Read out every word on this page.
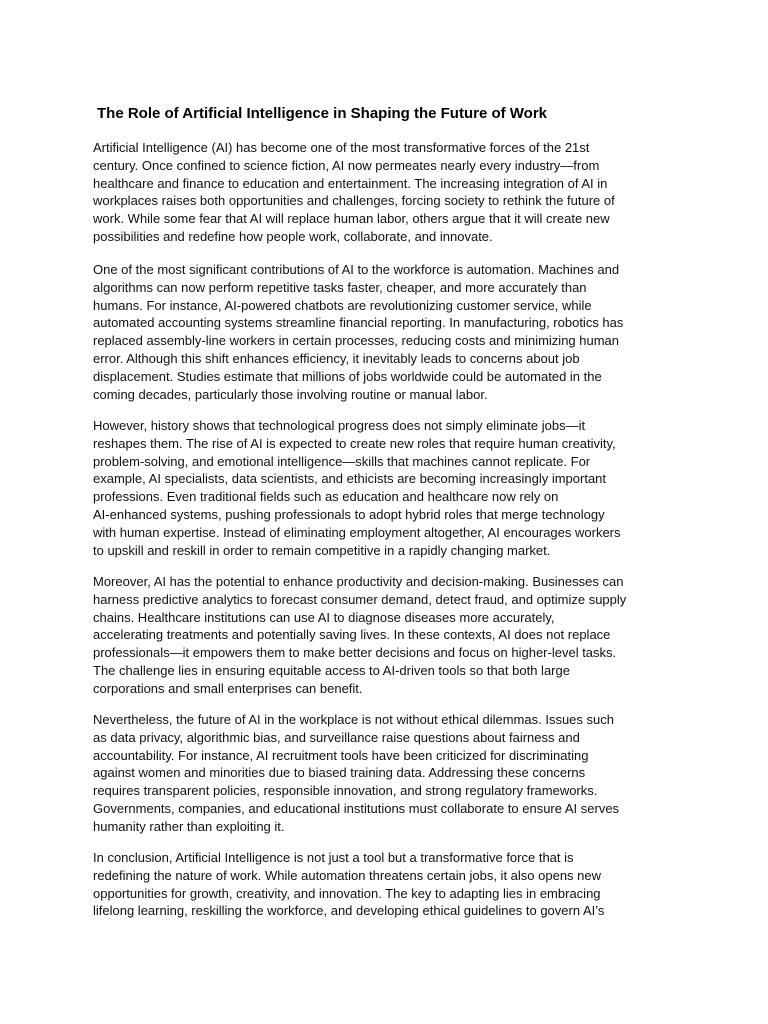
The Role of Artificial Intelligence in Shaping the Future of Work

Artificial Intelligence (AI) has become one of the most transformative forces of the 21st
century. Once confined to science fiction, AI now permeates nearly every industry—from
healthcare and finance to education and entertainment. The increasing integration of AI in
workplaces raises both opportunities and challenges, forcing society to rethink the future of
work. While some fear that AI will replace human labor, others argue that it will create new
possibilities and redefine how people work, collaborate, and innovate.

One of the most significant contributions of AI to the workforce is automation. Machines and
algorithms can now perform repetitive tasks faster, cheaper, and more accurately than
humans. For instance, AI-powered chatbots are revolutionizing customer service, while
automated accounting systems streamline financial reporting. In manufacturing, robotics has
replaced assembly-line workers in certain processes, reducing costs and minimizing human
error. Although this shift enhances efficiency, it inevitably leads to concerns about job
displacement. Studies estimate that millions of jobs worldwide could be automated in the
coming decades, particularly those involving routine or manual labor.

However, history shows that technological progress does not simply eliminate jobs—it
reshapes them. The rise of AI is expected to create new roles that require human creativity,
problem-solving, and emotional intelligence—skills that machines cannot replicate. For
example, AI specialists, data scientists, and ethicists are becoming increasingly important
professions. Even traditional fields such as education and healthcare now rely on
AI-enhanced systems, pushing professionals to adopt hybrid roles that merge technology
with human expertise. Instead of eliminating employment altogether, AI encourages workers
to upskill and reskill in order to remain competitive in a rapidly changing market.

Moreover, AI has the potential to enhance productivity and decision-making. Businesses can
harness predictive analytics to forecast consumer demand, detect fraud, and optimize supply
chains. Healthcare institutions can use AI to diagnose diseases more accurately,
accelerating treatments and potentially saving lives. In these contexts, AI does not replace
professionals—it empowers them to make better decisions and focus on higher-level tasks.
The challenge lies in ensuring equitable access to AI-driven tools so that both large
corporations and small enterprises can benefit.

Nevertheless, the future of AI in the workplace is not without ethical dilemmas. Issues such
as data privacy, algorithmic bias, and surveillance raise questions about fairness and
accountability. For instance, AI recruitment tools have been criticized for discriminating
against women and minorities due to biased training data. Addressing these concerns
requires transparent policies, responsible innovation, and strong regulatory frameworks.
Governments, companies, and educational institutions must collaborate to ensure AI serves
humanity rather than exploiting it.

In conclusion, Artificial Intelligence is not just a tool but a transformative force that is
redefining the nature of work. While automation threatens certain jobs, it also opens new
opportunities for growth, creativity, and innovation. The key to adapting lies in embracing
lifelong learning, reskilling the workforce, and developing ethical guidelines to govern AI’s
